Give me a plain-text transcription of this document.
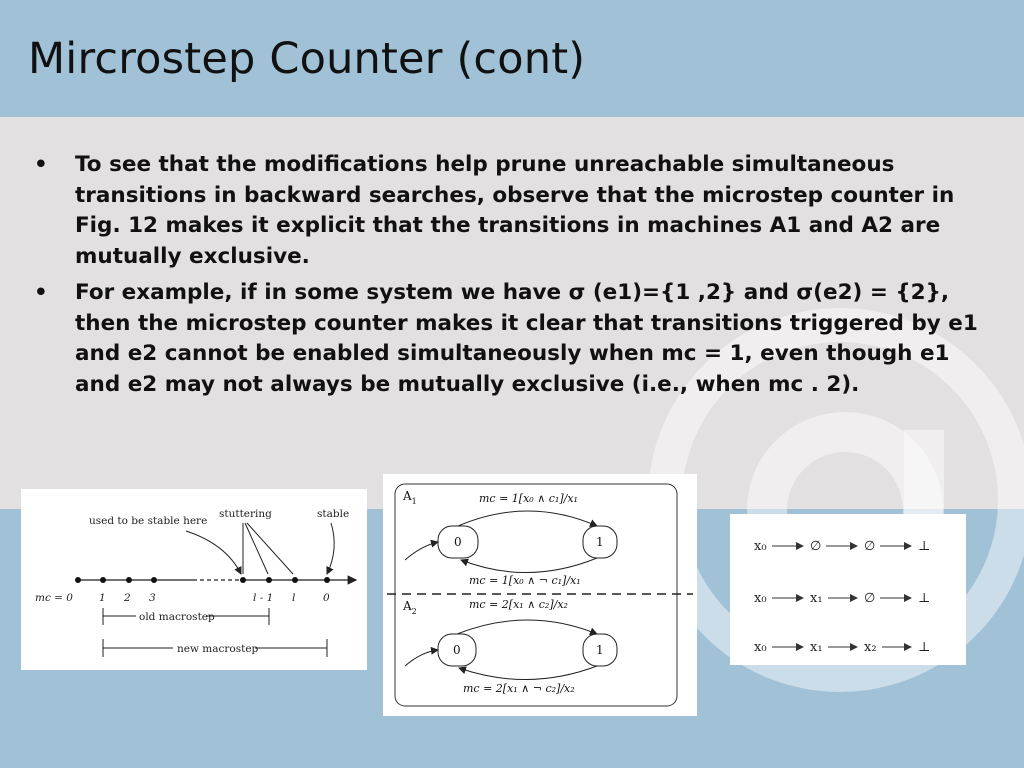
Mircrostep Counter (cont)
• To see that the modifications help prune unreachable simultaneous transitions in backward searches, observe that the microstep counter in Fig. 12 makes it explicit that the transitions in machines A1 and A2 are mutually exclusive.
• For example, if in some system we have σ (e1)={1 ,2} and σ(e2) = {2}, then the microstep counter makes it clear that transitions triggered by e1 and e2 cannot be enabled simultaneously when mc = 1, even though e1 and e2 may not always be mutually exclusive (i.e., when mc . 2).
used to be stable here
stuttering	stable
mc = 0 1 2 3	l - 1 l	0
old macrostep
new macrostep
$A_1$	mc = 1[x₀ ∧ c₁]/x₁
0	1
mc = 1[x₀ ∧ ¬ c₁]/x₁
$A_2$
mc = 2[x₁ ∧ c₂]/x₂
0	1
mc = 2[x₁ ∧ ¬ c₂]/x₂
x₀	∅	∅	⊥
x₀	x₁	∅	⊥
x₀	x₁	x₂	⊥
